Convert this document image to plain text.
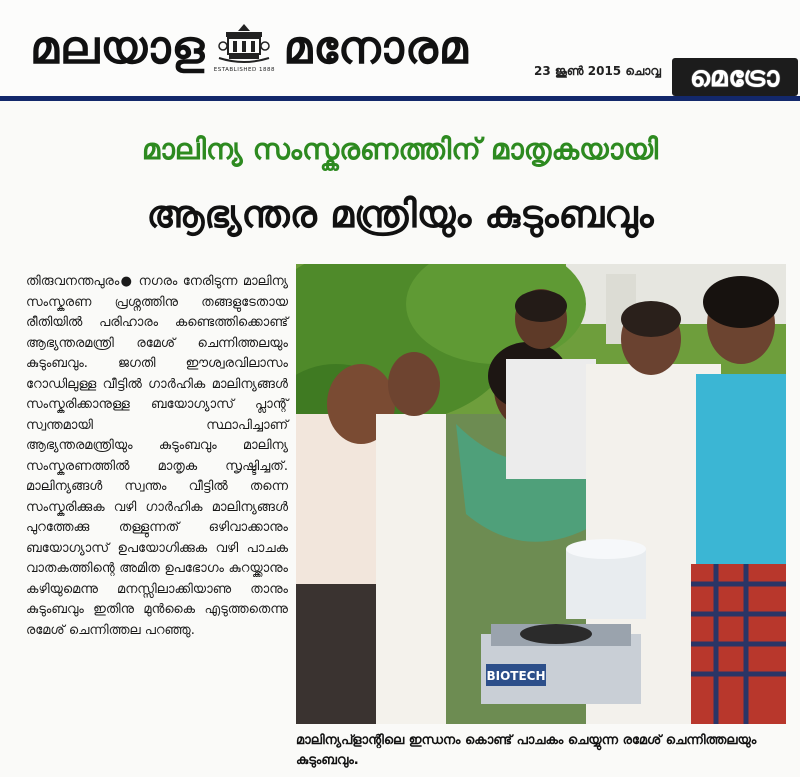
മലയാള ESTABLISHED 1888 മനോരമ	23 ജൂൺ 2015 ചൊവ്വ മെട്രോ
മാലിന്യ സംസ്കരണത്തിന് മാതൃകയായി
ആഭ്യന്തര മന്ത്രിയും കുടുംബവും

തിരുവനന്തപുരം● നഗരം നേരിടുന്ന മാലിന്യ സംസ്കരണ പ്രശ്നത്തിനു തങ്ങളുടേതായ രീതിയിൽ പരിഹാരം കണ്ടെത്തിക്കൊണ്ട് ആഭ്യന്തരമന്ത്രി രമേശ് ചെന്നിത്തലയും കുടുംബവും. ജഗതി ഈശ്വരവിലാസം റോഡിലുള്ള വീട്ടിൽ ഗാർഹിക മാലിന്യങ്ങൾ സംസ്കരിക്കാനുള്ള ബയോഗ്യാസ് പ്ലാന്റ് സ്വന്തമായി സ്ഥാപിച്ചാണ് ആഭ്യന്തരമന്ത്രിയും കുടുംബവും മാലിന്യ സംസ്കരണത്തിൽ മാതൃക സൃഷ്ടിച്ചത്. മാലിന്യങ്ങൾ സ്വന്തം വീട്ടിൽ തന്നെ സംസ്കരിക്കുക വഴി ഗാർഹിക മാലിന്യങ്ങൾ പുറത്തേക്കു തള്ളുന്നത് ഒഴിവാക്കാനും ബയോഗ്യാസ് ഉപയോഗിക്കുക വഴി പാചക വാതകത്തിന്റെ അമിത ഉപഭോഗം കുറയ്ക്കാനും കഴിയുമെന്നു മനസ്സിലാക്കിയാണു താനും കുടുംബവും ഇതിനു മുൻകൈ എടുത്തതെന്നു രമേശ് ചെന്നിത്തല പറഞ്ഞു.

BIOTECH
മാലിന്യപ്ളാന്റിലെ ഇന്ധനം കൊണ്ട് പാചകം ചെയ്യുന്ന രമേശ് ചെന്നിത്തലയും കുടുംബവും.
